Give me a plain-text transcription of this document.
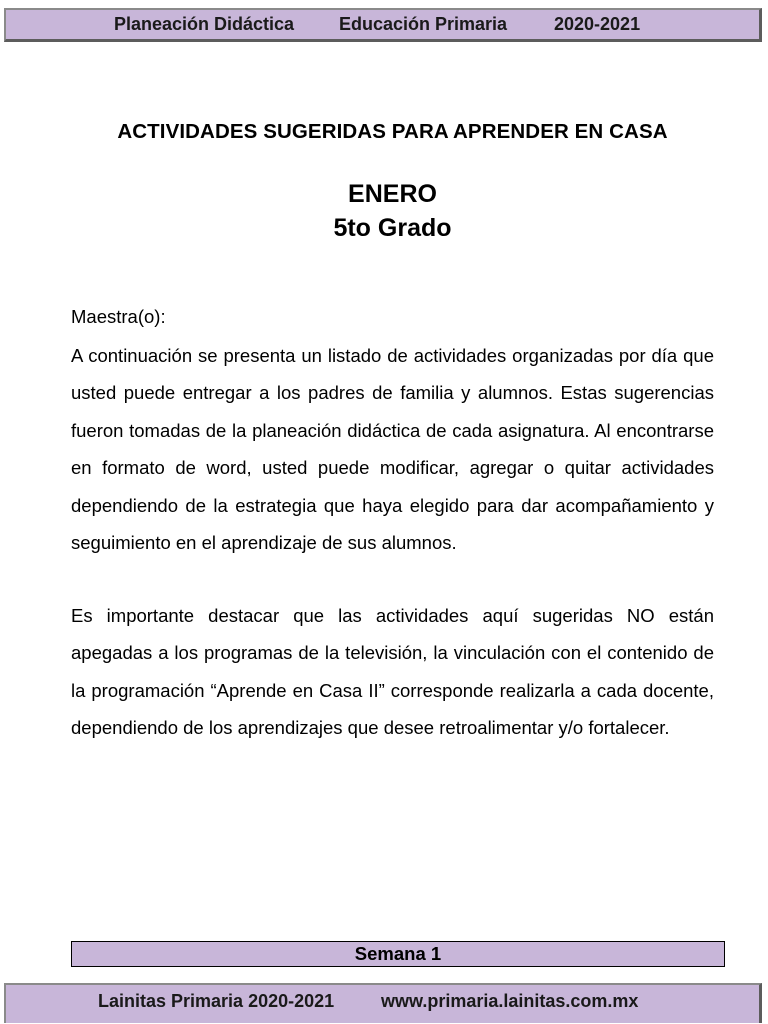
Planeación Didáctica Educación Primaria	2020-2021
ACTIVIDADES SUGERIDAS PARA APRENDER EN CASA
ENERO
5to Grado
Maestra(o):
A continuación se presenta un listado de actividades organizadas por día que usted puede entregar a los padres de familia y alumnos. Estas sugerencias fueron tomadas de la planeación didáctica de cada asignatura. Al encontrarse en formato de word, usted puede modificar, agregar o quitar actividades dependiendo de la estrategia que haya elegido para dar acompañamiento y seguimiento en el aprendizaje de sus alumnos.
Es importante destacar que las actividades aquí sugeridas NO están apegadas a los programas de la televisión, la vinculación con el contenido de la programación “Aprende en Casa II” corresponde realizarla a cada docente, dependiendo de los aprendizajes que desee retroalimentar y/o fortalecer.
Semana 1
Lainitas Primaria 2020-2021	www.primaria.lainitas.com.mx
